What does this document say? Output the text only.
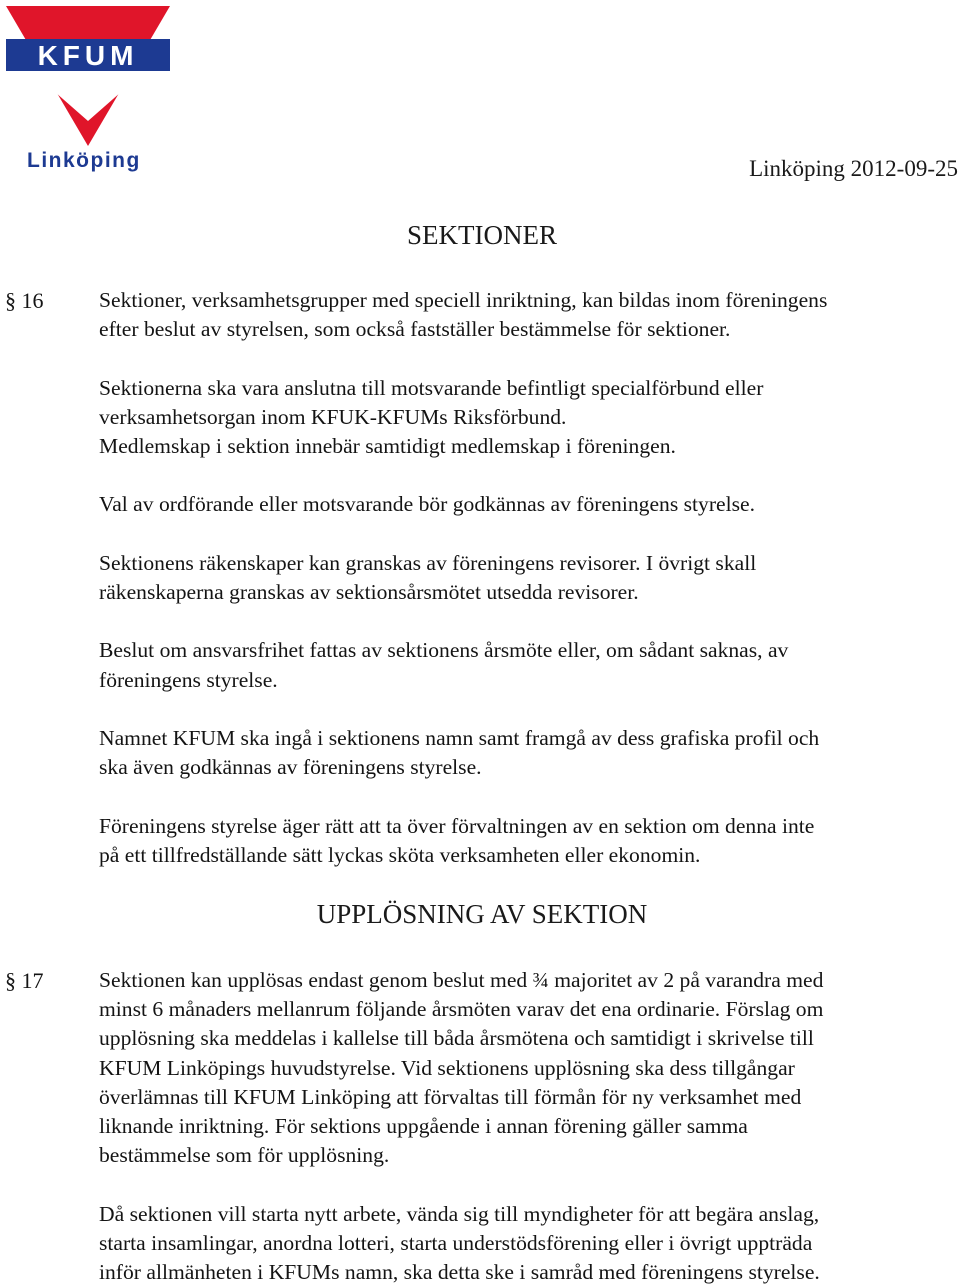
KFUM
Linköping	Linköping 2012-09-25
SEKTIONER
§ 16	Sektioner, verksamhetsgrupper med speciell inriktning, kan bildas inom föreningens
efter beslut av styrelsen, som också fastställer bestämmelse för sektioner.

Sektionerna ska vara anslutna till motsvarande befintligt specialförbund eller
verksamhetsorgan inom KFUK-KFUMs Riksförbund.
Medlemskap i sektion innebär samtidigt medlemskap i föreningen.

Val av ordförande eller motsvarande bör godkännas av föreningens styrelse.

Sektionens räkenskaper kan granskas av föreningens revisorer. I övrigt skall
räkenskaperna granskas av sektionsårsmötet utsedda revisorer.

Beslut om ansvarsfrihet fattas av sektionens årsmöte eller, om sådant saknas, av
föreningens styrelse.

Namnet KFUM ska ingå i sektionens namn samt framgå av dess grafiska profil och
ska även godkännas av föreningens styrelse.

Föreningens styrelse äger rätt att ta över förvaltningen av en sektion om denna inte
på ett tillfredställande sätt lyckas sköta verksamheten eller ekonomin.

UPPLÖSNING AV SEKTION
§ 17	Sektionen kan upplösas endast genom beslut med ¾ majoritet av 2 på varandra med
minst 6 månaders mellanrum följande årsmöten varav det ena ordinarie. Förslag om
upplösning ska meddelas i kallelse till båda årsmötena och samtidigt i skrivelse till
KFUM Linköpings huvudstyrelse. Vid sektionens upplösning ska dess tillgångar
överlämnas till KFUM Linköping att förvaltas till förmån för ny verksamhet med
liknande inriktning. För sektions uppgående i annan förening gäller samma
bestämmelse som för upplösning.

Då sektionen vill starta nytt arbete, vända sig till myndigheter för att begära anslag,
starta insamlingar, anordna lotteri, starta understödsförening eller i övrigt uppträda
inför allmänheten i KFUMs namn, ska detta ske i samråd med föreningens styrelse.
